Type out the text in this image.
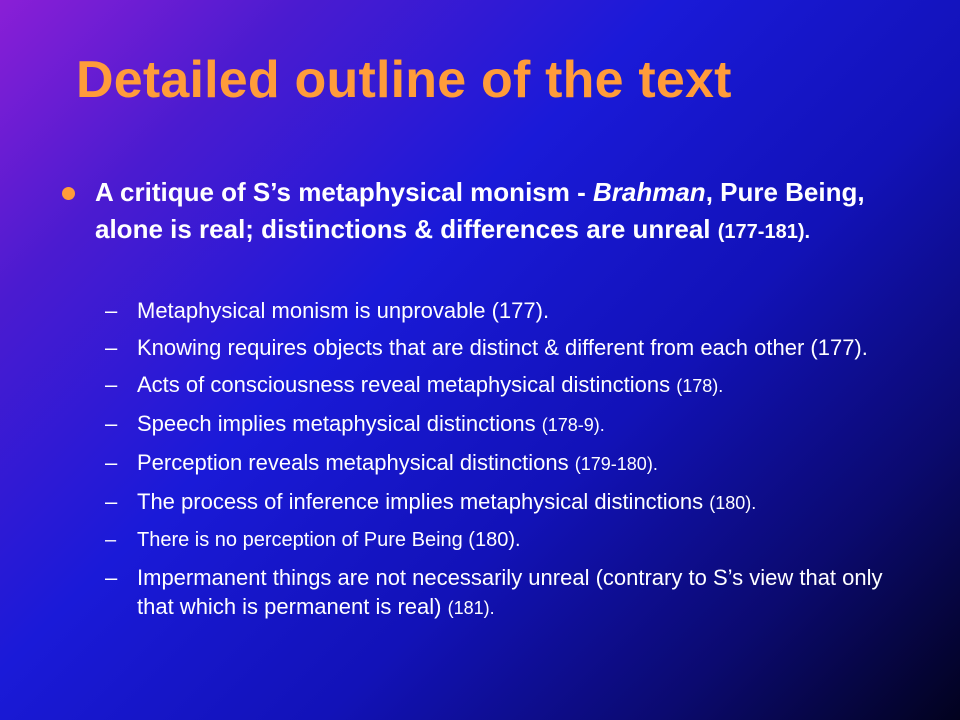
Detailed outline of the text
A critique of S’s metaphysical monism - Brahman, Pure Being, alone is real; distinctions & differences are unreal (177-181).
– Metaphysical monism is unprovable (177).
– Knowing requires objects that are distinct & different from each other (177).
– Acts of consciousness reveal metaphysical distinctions (178).
– Speech implies metaphysical distinctions (178-9).
– Perception reveals metaphysical distinctions (179-180).
– The process of inference implies metaphysical distinctions (180).
– There is no perception of Pure Being (180).
– Impermanent things are not necessarily unreal (contrary to S’s view that only that which is permanent is real) (181).
